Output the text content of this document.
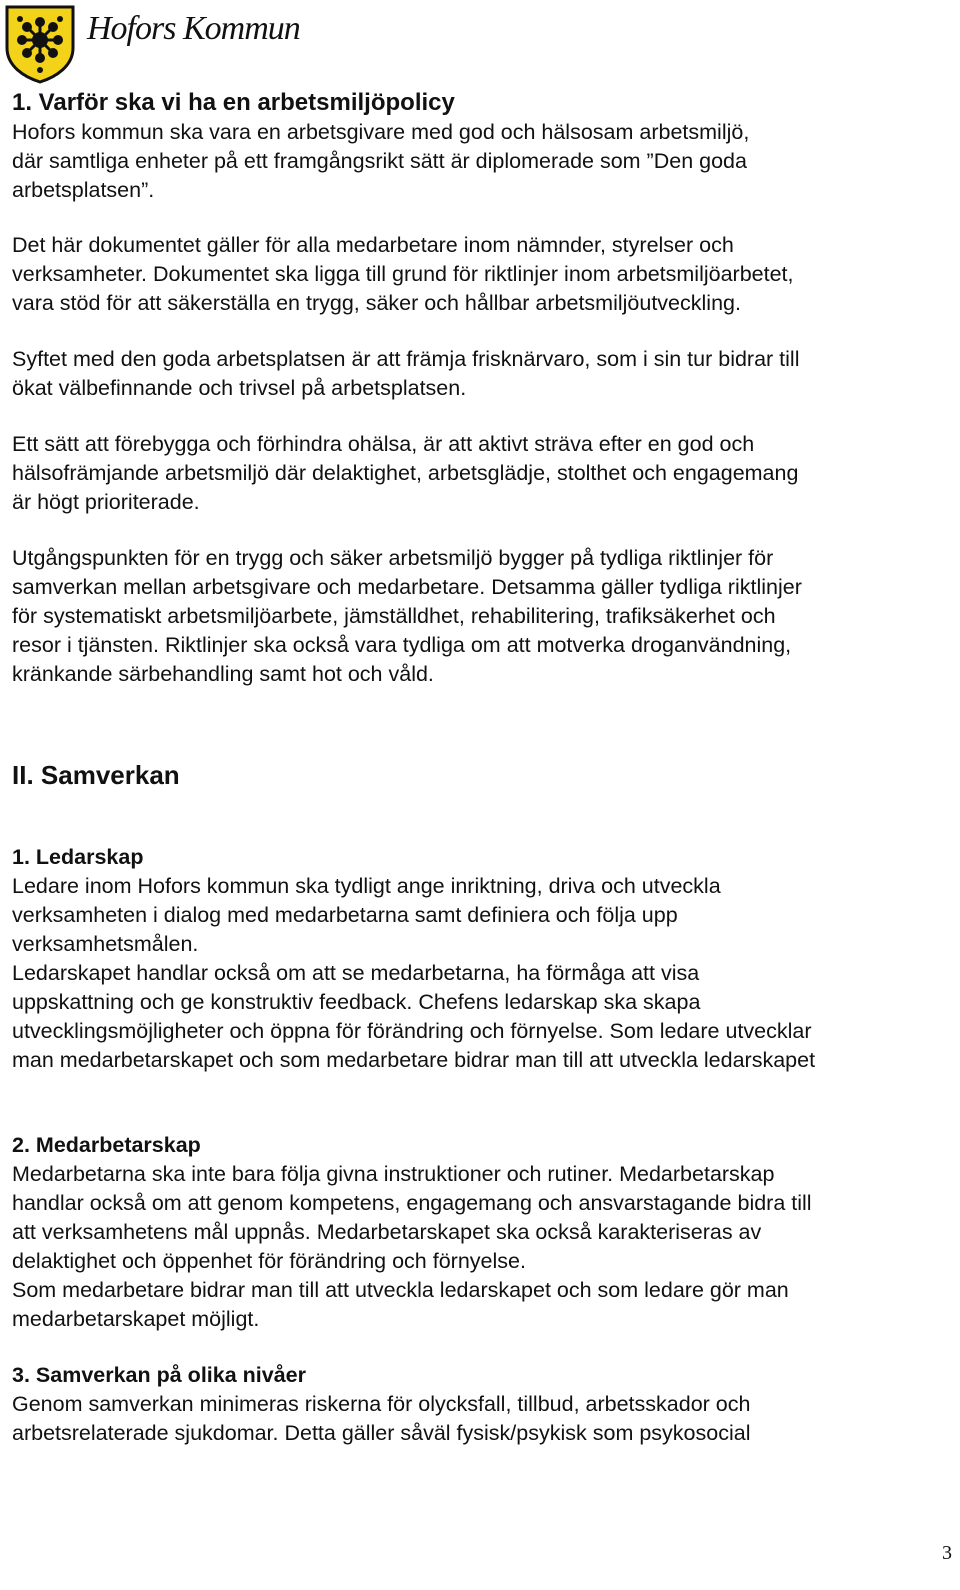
Hofors Kommun
1. Varför ska vi ha en arbetsmiljöpolicy

Hofors kommun ska vara en arbetsgivare med god och hälsosam arbetsmiljö,
där samtliga enheter på ett framgångsrikt sätt är diplomerade som ”Den goda
arbetsplatsen”.

Det här dokumentet gäller för alla medarbetare inom nämnder, styrelser och
verksamheter. Dokumentet ska ligga till grund för riktlinjer inom arbetsmiljöarbetet,
vara stöd för att säkerställa en trygg, säker och hållbar arbetsmiljöutveckling.

Syftet med den goda arbetsplatsen är att främja frisknärvaro, som i sin tur bidrar till
ökat välbefinnande och trivsel på arbetsplatsen.

Ett sätt att förebygga och förhindra ohälsa, är att aktivt sträva efter en god och
hälsofrämjande arbetsmiljö där delaktighet, arbetsglädje, stolthet och engagemang
är högt prioriterade.

Utgångspunkten för en trygg och säker arbetsmiljö bygger på tydliga riktlinjer för
samverkan mellan arbetsgivare och medarbetare. Detsamma gäller tydliga riktlinjer
för systematiskt arbetsmiljöarbete, jämställdhet, rehabilitering, trafiksäkerhet och
resor i tjänsten. Riktlinjer ska också vara tydliga om att motverka droganvändning,
kränkande särbehandling samt hot och våld.

II. Samverkan
1. Ledarskap

Ledare inom Hofors kommun ska tydligt ange inriktning, driva och utveckla
verksamheten i dialog med medarbetarna samt definiera och följa upp
verksamhetsmålen.
Ledarskapet handlar också om att se medarbetarna, ha förmåga att visa
uppskattning och ge konstruktiv feedback. Chefens ledarskap ska skapa
utvecklingsmöjligheter och öppna för förändring och förnyelse. Som ledare utvecklar
man medarbetarskapet och som medarbetare bidrar man till att utveckla ledarskapet

2. Medarbetarskap

Medarbetarna ska inte bara följa givna instruktioner och rutiner. Medarbetarskap
handlar också om att genom kompetens, engagemang och ansvarstagande bidra till
att verksamhetens mål uppnås. Medarbetarskapet ska också karakteriseras av
delaktighet och öppenhet för förändring och förnyelse.
Som medarbetare bidrar man till att utveckla ledarskapet och som ledare gör man
medarbetarskapet möjligt.

3. Samverkan på olika nivåer

Genom samverkan minimeras riskerna för olycksfall, tillbud, arbetsskador och
arbetsrelaterade sjukdomar. Detta gäller såväl fysisk/psykisk som psykosocial

3
